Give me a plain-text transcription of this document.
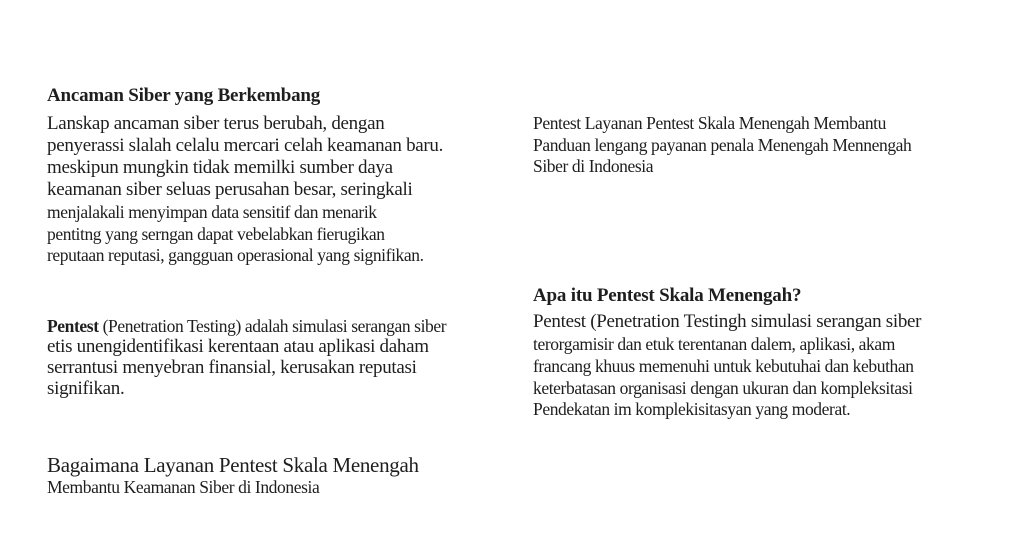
Ancaman Siber yang Berkembang
Lanskap ancaman siber terus berubah, dengan
penyerassi slalah celalu mercari celah keamanan baru.
meskipun mungkin tidak memilki sumber daya
keamanan siber seluas perusahan besar, seringkali
menjalakali menyimpan data sensitif dan menarik
pentitng yang serngan dapat vebelabkan fierugikan
reputaan reputasi, gangguan operasional yang signifikan.
Pentest (Penetration Testing) adalah simulasi serangan siber
etis unengidentifikasi kerentaan atau aplikasi daham
serrantusi menyebran finansial, kerusakan reputasi
signifikan.
Bagaimana Layanan Pentest Skala Menengah
Membantu Keamanan Siber di Indonesia
Pentest Layanan Pentest Skala Menengah Membantu
Panduan lengang payanan penala Menengah Mennengah
Siber di Indonesia
Apa itu Pentest Skala Menengah?
Pentest (Penetration Testingh simulasi serangan siber
terorgamisir dan etuk terentanan dalem, aplikasi, akam
francang khuus memenuhi untuk kebutuhai dan kebuthan
keterbatasan organisasi dengan ukuran dan kompleksitasi
Pendekatan im komplekisitasyan yang moderat.
